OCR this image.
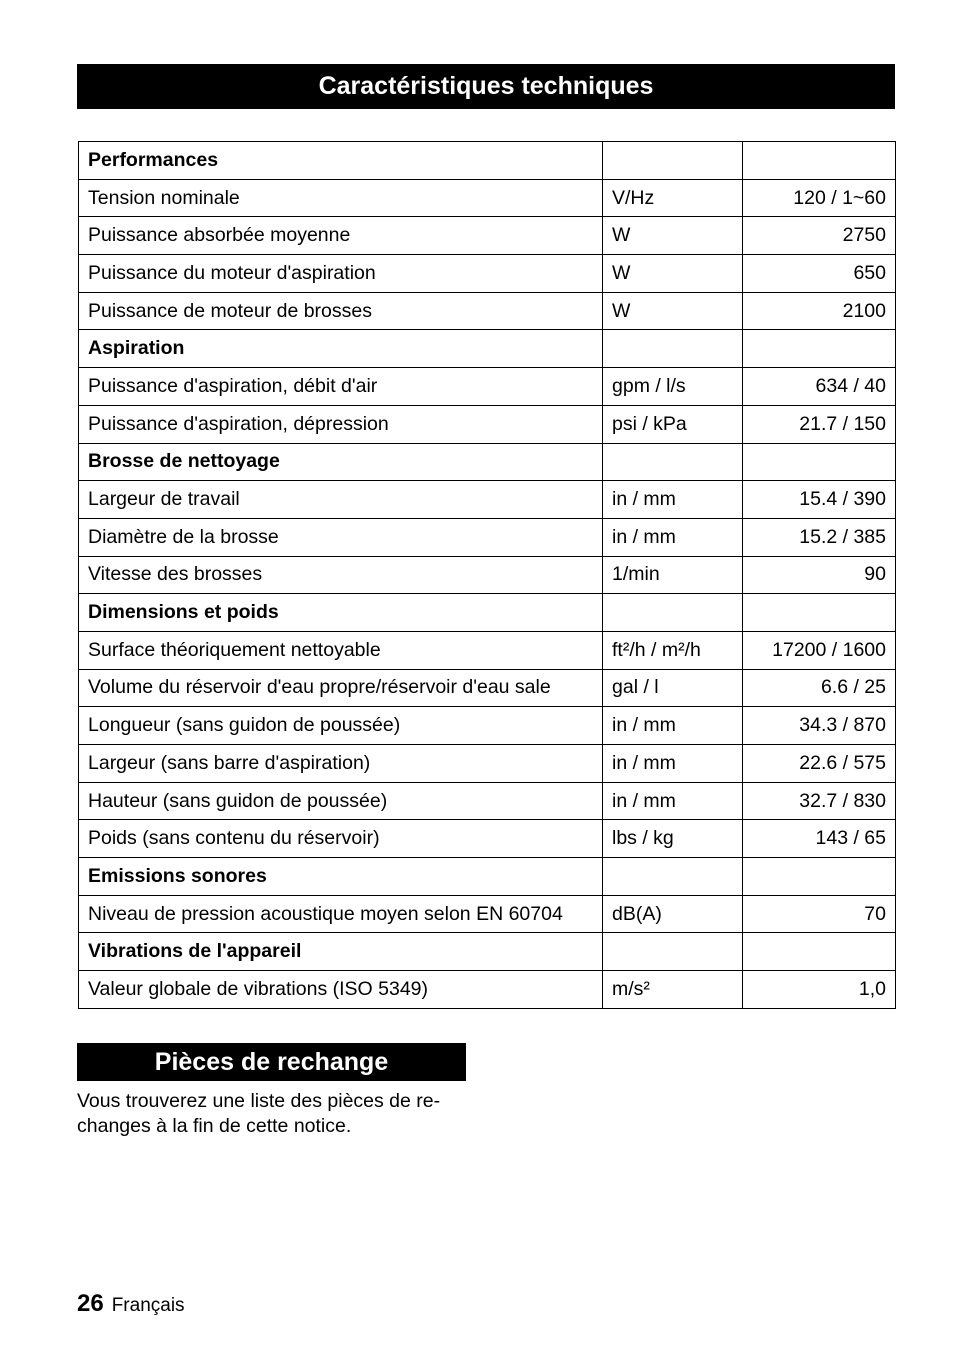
Caractéristiques techniques
Performances		
Tension nominale	V/Hz	120 / 1~60
Puissance absorbée moyenne	W	2750
Puissance du moteur d'aspiration	W	650
Puissance de moteur de brosses	W	2100
Aspiration		
Puissance d'aspiration, débit d'air	gpm / l/s	634 / 40
Puissance d'aspiration, dépression	psi / kPa	21.7 / 150
Brosse de nettoyage		
Largeur de travail	in / mm	15.4 / 390
Diamètre de la brosse	in / mm	15.2 / 385
Vitesse des brosses	1/min	90
Dimensions et poids		
Surface théoriquement nettoyable	ft²/h / m²/h	17200 / 1600
Volume du réservoir d'eau propre/réservoir d'eau sale	gal / l	6.6 / 25
Longueur (sans guidon de poussée)	in / mm	34.3 / 870
Largeur (sans barre d'aspiration)	in / mm	22.6 / 575
Hauteur (sans guidon de poussée)	in / mm	32.7 / 830
Poids (sans contenu du réservoir)	lbs / kg	143 / 65
Emissions sonores		
Niveau de pression acoustique moyen selon EN 60704	dB(A)	70
Vibrations de l'appareil		
Valeur globale de vibrations (ISO 5349)	m/s²	1,0
Pièces de rechange
Vous trouverez une liste des pièces de re-
changes à la fin de cette notice.
26 Français
